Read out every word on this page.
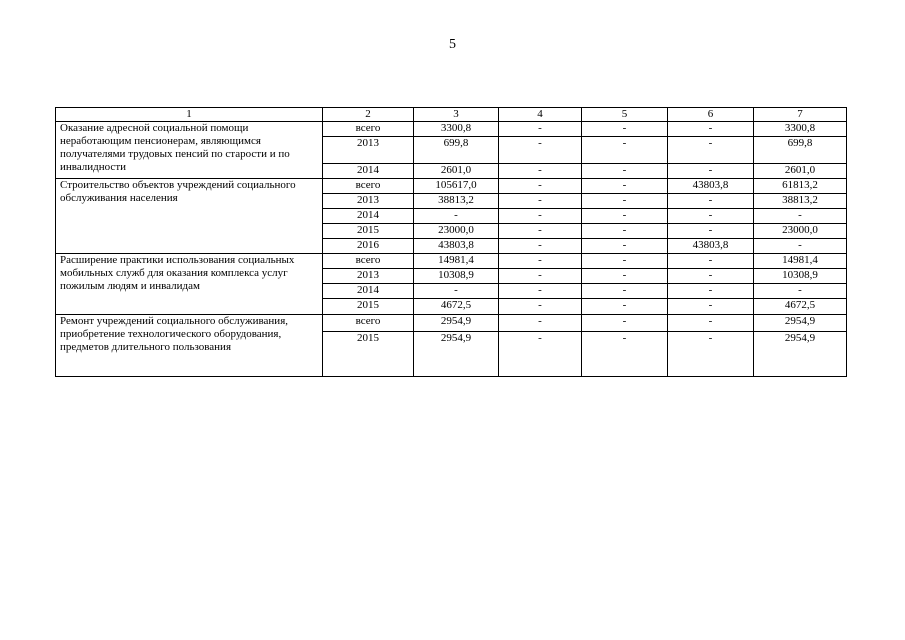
5
1	2	3	4	5	6	7
Оказание адресной социальной помощи неработающим пенсионерам, являющимся получателями трудовых пенсий по старости и по инвалидности	всего	3300,8	-	-	-	3300,8
	2013	699,8	-	-	-	699,8
	2014	2601,0	-	-	-	2601,0
Строительство объектов учреждений социального обслуживания населения	всего	105617,0	-	-	43803,8	61813,2
	2013	38813,2	-	-	-	38813,2
	2014	-	-	-	-	-
	2015	23000,0	-	-	-	23000,0
	2016	43803,8	-	-	43803,8	-
Расширение практики использования социальных мобильных служб для оказания комплекса услуг пожилым людям и инвалидам	всего	14981,4	-	-	-	14981,4
	2013	10308,9	-	-	-	10308,9
	2014	-	-	-	-	-
	2015	4672,5	-	-	-	4672,5
Ремонт учреждений социального обслуживания, приобретение технологического оборудования, предметов длительного пользования	всего	2954,9	-	-	-	2954,9
	2015	2954,9	-	-	-	2954,9
